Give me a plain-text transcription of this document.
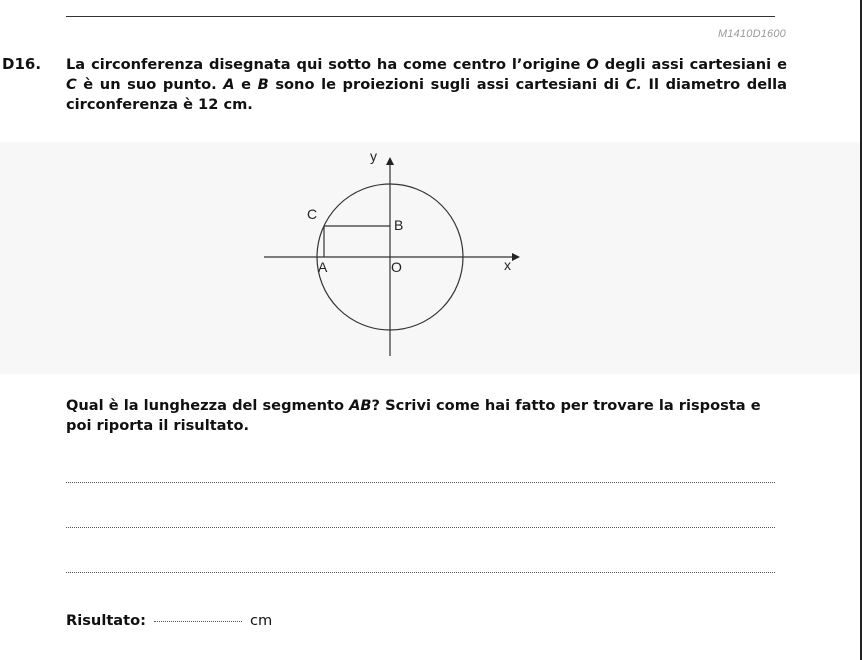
M1410D1600
D16. La circonferenza disegnata qui sotto ha come centro l’origine O degli assi cartesiani e C è un suo punto. A e B sono le proiezioni sugli assi cartesiani di C. Il diametro della circonferenza è 12 cm.
y
x
C
B
A	O
Qual è la lunghezza del segmento AB? Scrivi come hai fatto per trovare la risposta e poi riporta il risultato.
Risultato:	cm
